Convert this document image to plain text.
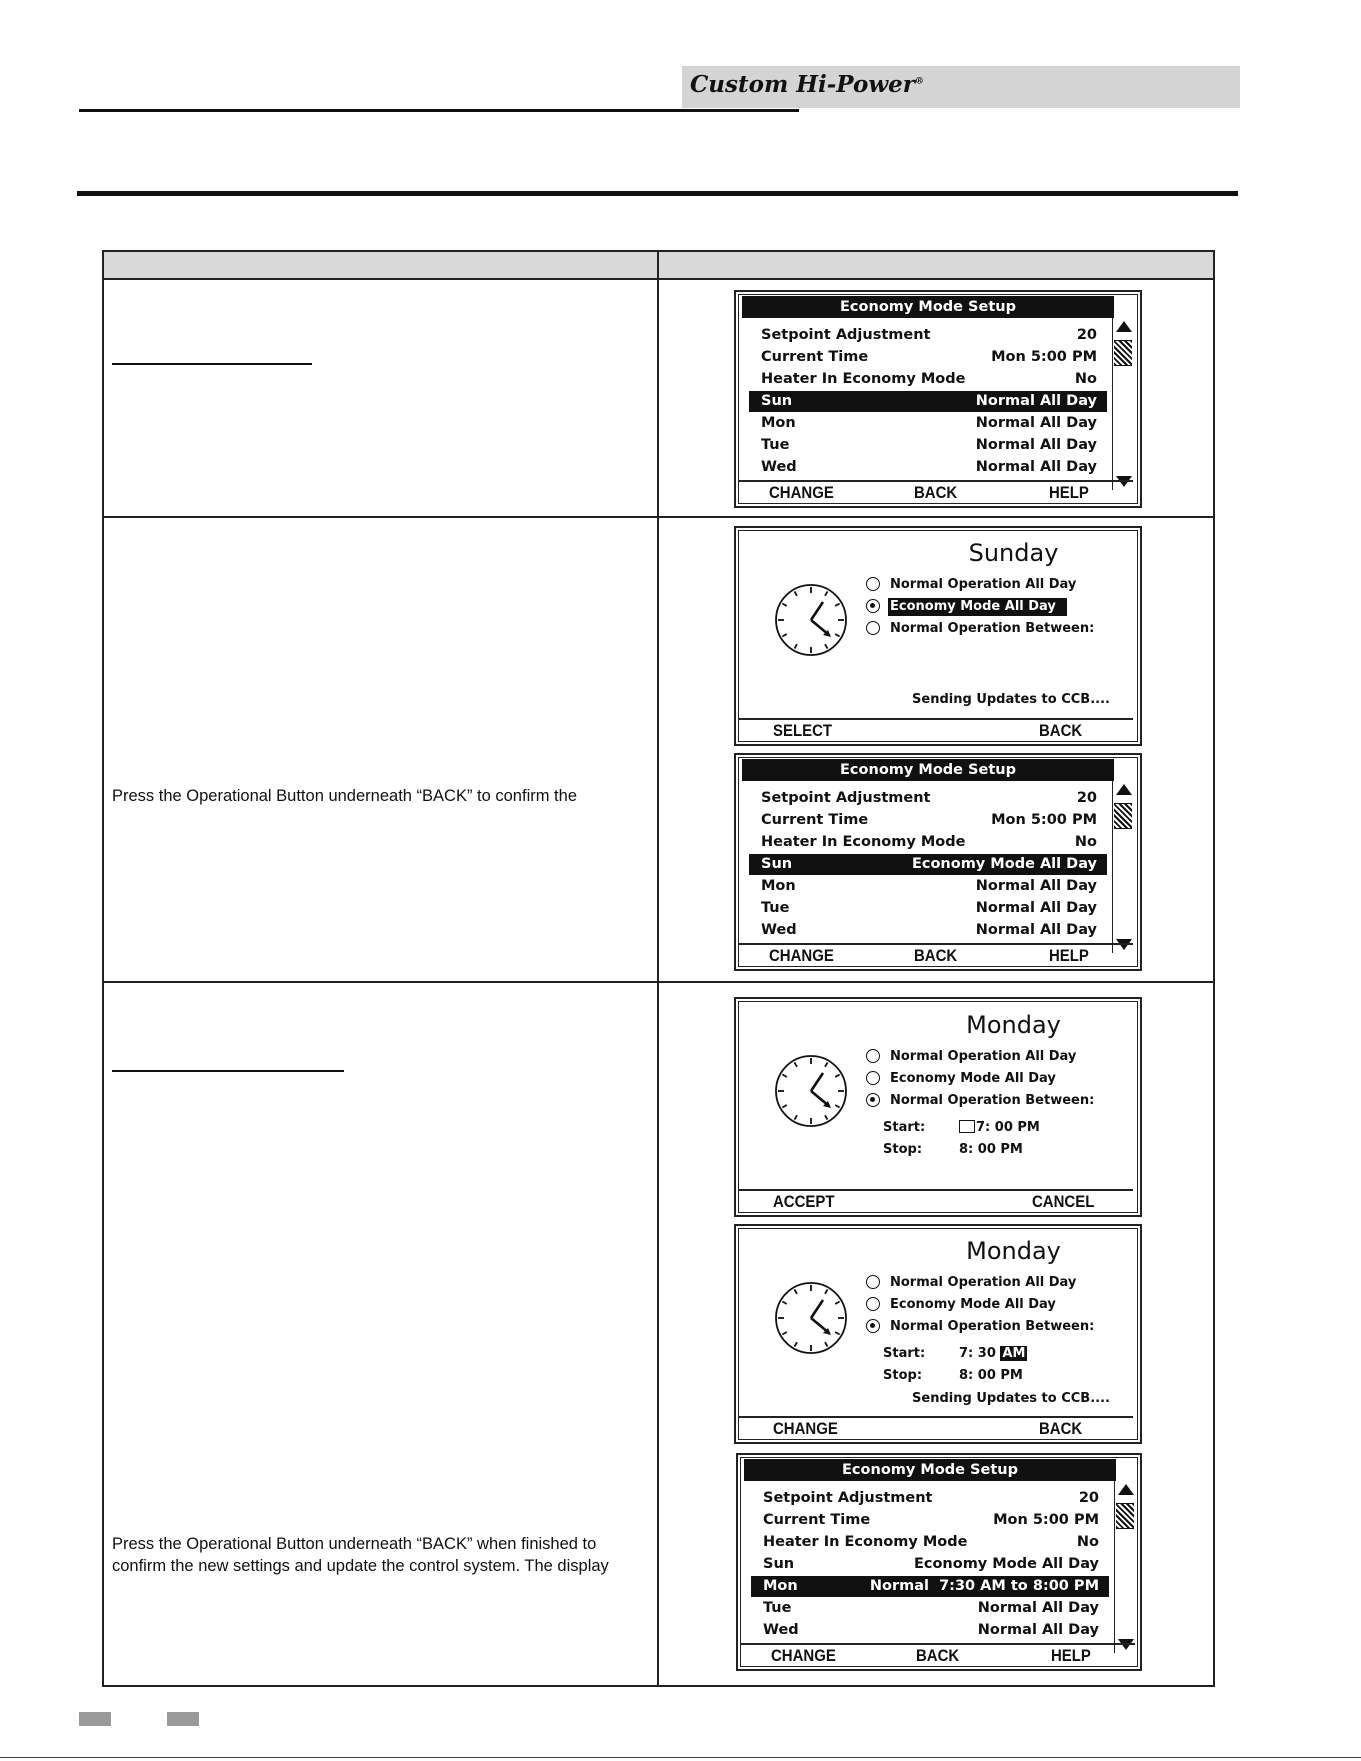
Custom Hi-Power®
Press the Operational Button underneath “BACK” to confirm the
Press the Operational Button underneath “BACK” when finished to
confirm the new settings and update the control system. The display
Economy Mode Setup
Setpoint Adjustment	20
Current Time	Mon 5:00 PM
Heater In Economy Mode	No
Sun	Normal All Day
Mon	Normal All Day
Tue	Normal All Day
Wed	Normal All Day
CHANGE	BACK	HELP
Sunday
Normal Operation All Day
Economy Mode All Day
Normal Operation Between:
Sending Updates to CCB....
SELECT	BACK
Economy Mode Setup
Setpoint Adjustment	20
Current Time	Mon 5:00 PM
Heater In Economy Mode	No
Sun	Economy Mode All Day
Mon	Normal All Day
Tue	Normal All Day
Wed	Normal All Day
CHANGE	BACK	HELP
Monday
Normal Operation All Day
Economy Mode All Day
Normal Operation Between:
Start:	7: 00 PM
Stop:	8: 00 PM
ACCEPT	CANCEL
Monday
Normal Operation All Day
Economy Mode All Day
Normal Operation Between:
Start:	7: 30 AM
Stop:	8: 00 PM
Sending Updates to CCB....
CHANGE	BACK
Economy Mode Setup
Setpoint Adjustment	20
Current Time	Mon 5:00 PM
Heater In Economy Mode	No
Sun	Economy Mode All Day
Mon	Normal  7:30 AM to 8:00 PM
Tue	Normal All Day
Wed	Normal All Day
CHANGE	BACK	HELP
